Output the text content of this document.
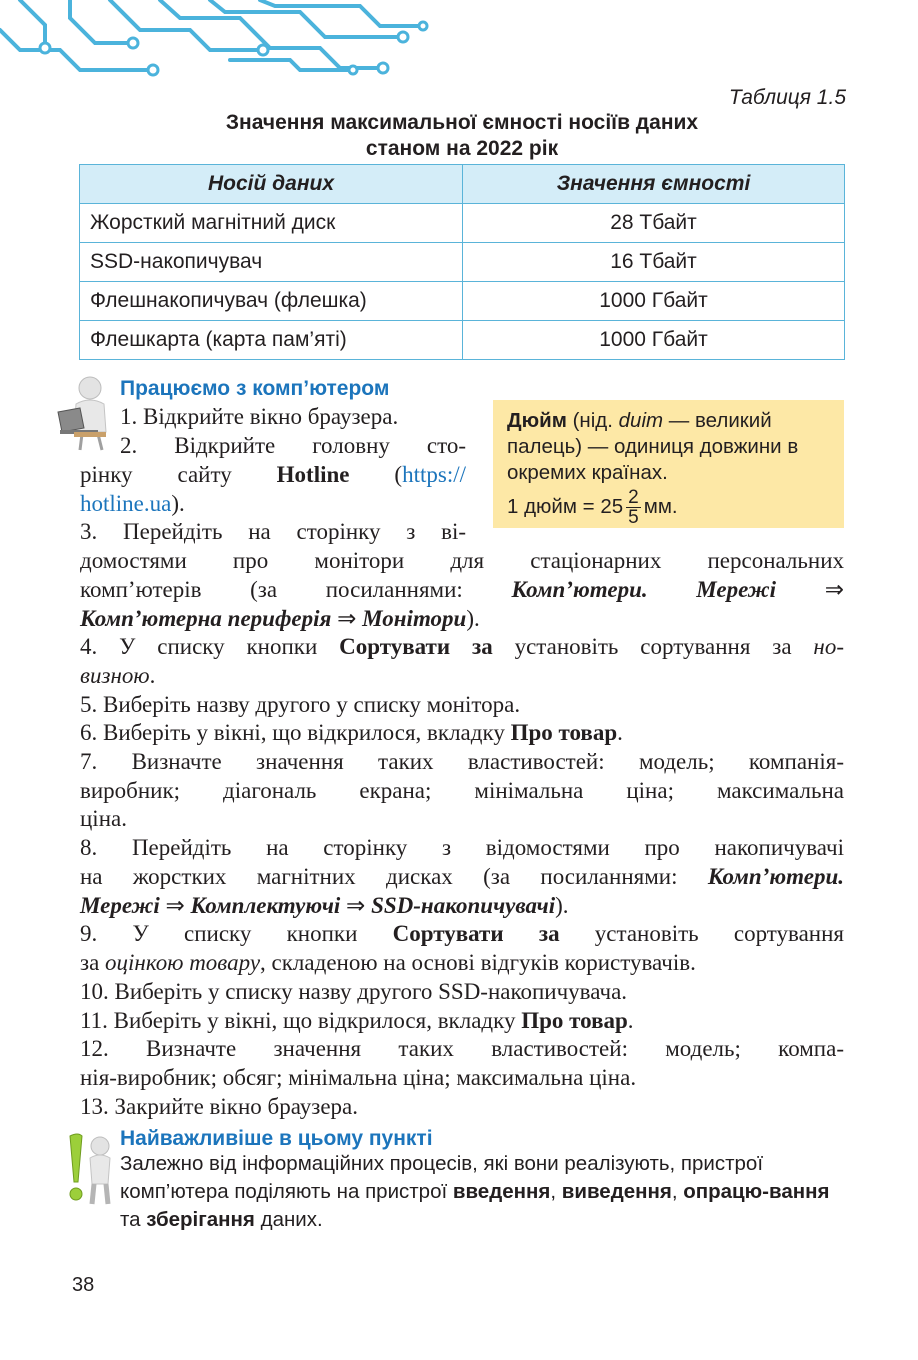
Таблиця 1.5
Значення максимальної ємності носіїв даних
станом на 2022 рік
Носій даних	Значення ємності
Жорсткий магнітний диск	28 Тбайт
SSD-накопичувач	16 Тбайт
Флешнакопичувач (флешка)	1000 Гбайт
Флешкарта (карта пам’яті)	1000 Гбайт
Працюємо з комп’ютером
Дюйм (нід. duim — великий палець) — одиниця довжини в окремих країнах.
1 дюйм = $25 \frac{2}{5}$ мм.
1. Відкрийте вікно браузера.
2. Відкрийте головну сто-
рінку сайту Hotline (https://
hotline.ua).
3. Перейдіть на сторінку з ві-
домостями про монітори для стаціонарних персональних
комп’ютерів (за посиланнями: Комп’ютери. Мережі ⇒
Комп’ютерна периферія ⇒ Монітори).
4. У списку кнопки Сортувати за установіть сортування за но-
визною.
5. Виберіть назву другого у списку монітора.
6. Виберіть у вікні, що відкрилося, вкладку Про товар.
7. Визначте значення таких властивостей: модель; компанія-
виробник; діагональ екрана; мінімальна ціна; максимальна
ціна.
8. Перейдіть на сторінку з відомостями про накопичувачі
на жорстких магнітних дисках (за посиланнями: Комп’ютери.
Мережі ⇒ Комплектуючі ⇒ SSD-накопичувачі).
9. У списку кнопки Сортувати за установіть сортування
за оцінкою товару, складеною на основі відгуків користувачів.
10. Виберіть у списку назву другого SSD-накопичувача.
11. Виберіть у вікні, що відкрилося, вкладку Про товар.
12. Визначте значення таких властивостей: модель; компа-
нія-виробник; обсяг; мінімальна ціна; максимальна ціна.
13. Закрийте вікно браузера.
Найважливіше в цьому пункті
Залежно від інформаційних процесів, які вони реалізують, пристрої комп’ютера поділяють на пристрої введення, виведення, опрацю-вання та зберігання даних.
38
